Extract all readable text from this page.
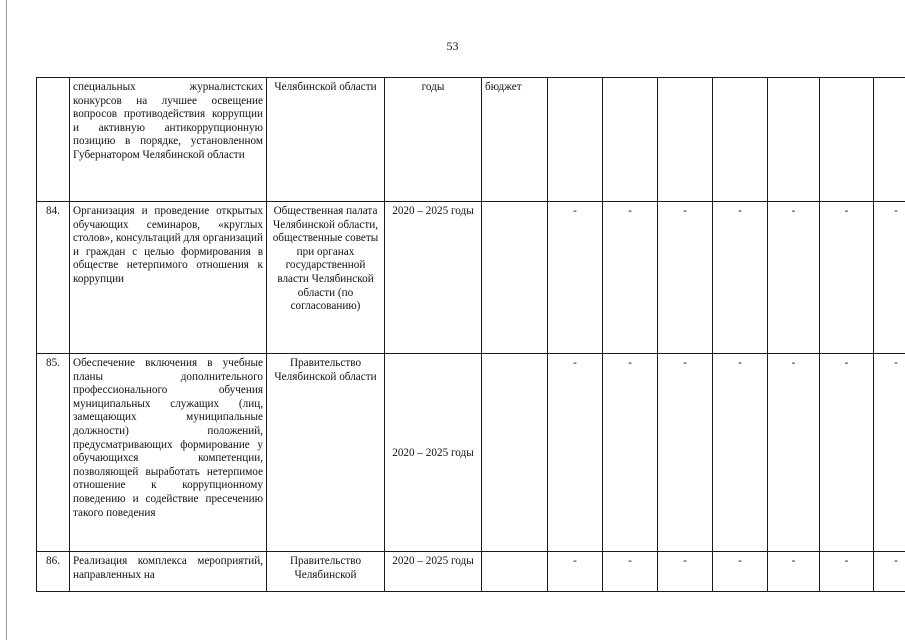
53
	специальных журналистских конкурсов на лучшее освещение вопросов противодействия коррупции и активную антикоррупционную позицию в порядке, установленном Губернатором Челябинской области	Челябинской области	годы	бюджет							
84.	Организация и проведение открытых обучающих семинаров, «круглых столов», консультаций для организаций и граждан с целью формирования в обществе нетерпимого отношения к коррупции	Общественная палата Челябинской области, общественные советы при органах государственной власти Челябинской области (по согласованию)	2020 – 2025 годы		-	-	-	-	-	-	-
85.	Обеспечение включения в учебные планы дополнительного профессионального обучения муниципальных служащих (лиц, замещающих муниципальные должности) положений, предусматривающих формирование у обучающихся компетенции, позволяющей выработать нетерпимое отношение к коррупционному поведению и содействие пресечению такого поведения	Правительство Челябинской области	2020 – 2025 годы		-	-	-	-	-	-	-
86.	Реализация комплекса мероприятий, направленных на	Правительство Челябинской	2020 – 2025 годы		-	-	-	-	-	-	-
